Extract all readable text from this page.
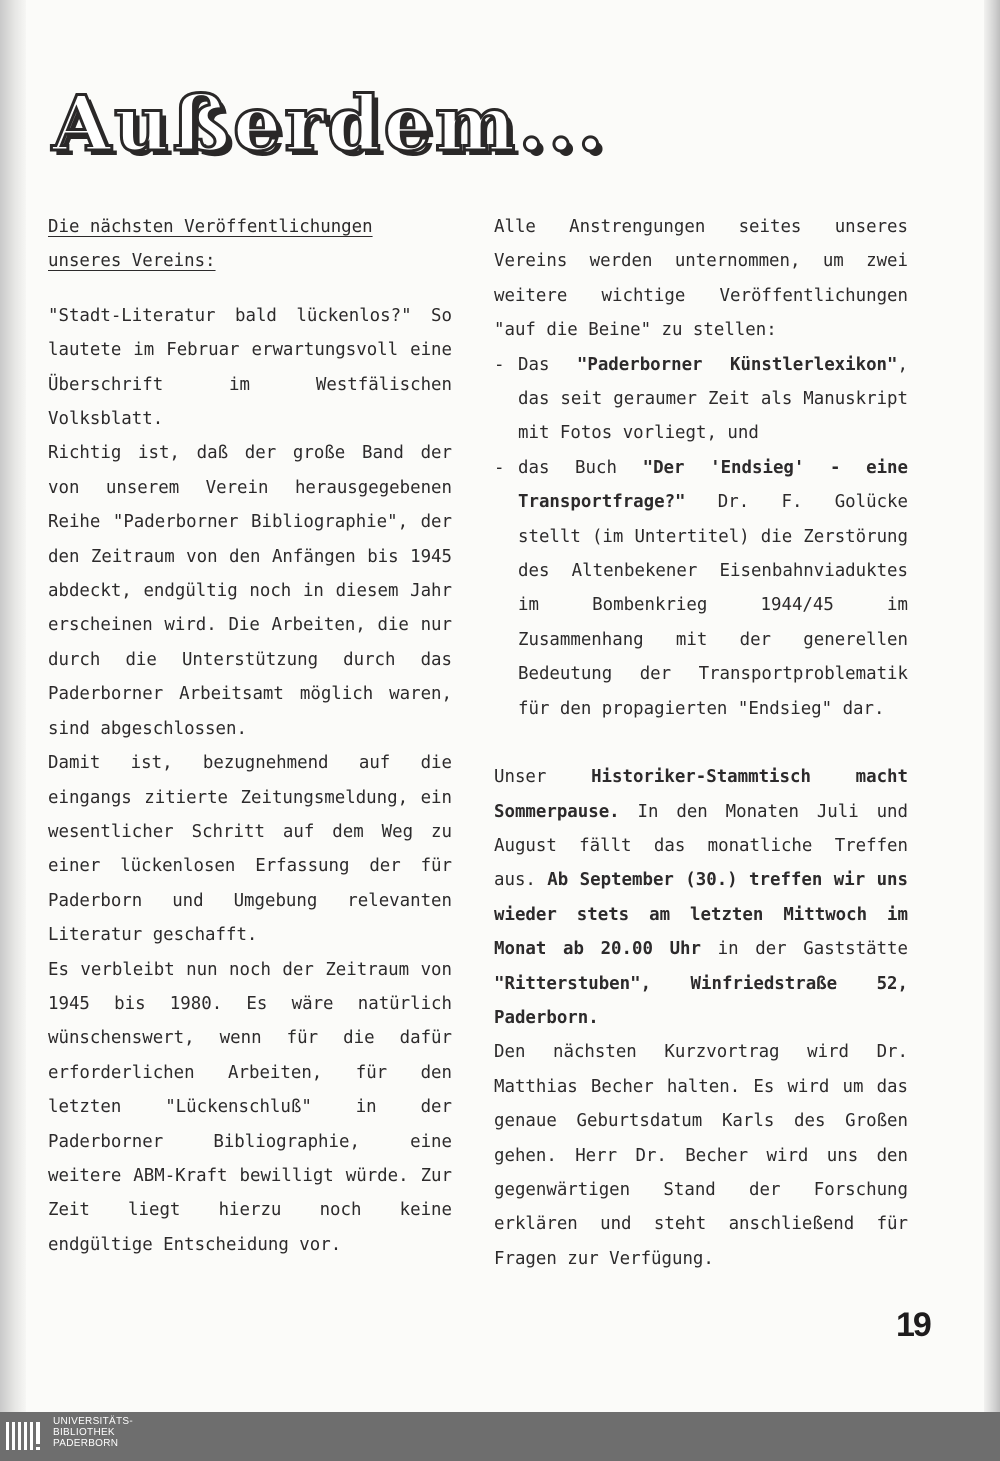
Außerdem...

Die nächsten Veröffentlichungen
unseres Vereins:

"Stadt-Literatur bald lückenlos?" So lautete im Februar erwartungsvoll eine Überschrift im Westfälischen Volksblatt.

Richtig ist, daß der große Band der von unserem Verein herausgegebenen Reihe "Paderborner Bibliographie", der den Zeitraum von den Anfängen bis 1945 abdeckt, endgültig noch in diesem Jahr erscheinen wird. Die Arbeiten, die nur durch die Unterstützung durch das Paderborner Arbeitsamt möglich waren, sind abgeschlossen.

Damit ist, bezugnehmend auf die eingangs zitierte Zeitungsmeldung, ein wesentlicher Schritt auf dem Weg zu einer lückenlosen Erfassung der für Paderborn und Umgebung relevanten Literatur geschafft.

Es verbleibt nun noch der Zeitraum von 1945 bis 1980. Es wäre natürlich wünschenswert, wenn für die dafür erforderlichen Arbeiten, für den letzten "Lückenschluß" in der Paderborner Bibliographie, eine weitere ABM-Kraft bewilligt würde. Zur Zeit liegt hierzu noch keine endgültige Entscheidung vor.

Alle Anstrengungen seites unseres Vereins werden unternommen, um zwei weitere wichtige Veröffentlichungen "auf die Beine" zu stellen:

- Das "Paderborner Künstlerlexikon", das seit geraumer Zeit als Manuskript mit Fotos vorliegt, und

- das Buch "Der 'Endsieg' - eine Transportfrage?" Dr. F. Golücke stellt (im Untertitel) die Zerstörung des Altenbekener Eisenbahnviaduktes im Bombenkrieg 1944/45 im Zusammenhang mit der generellen Bedeutung der Transportproblematik für den propagierten "Endsieg" dar.

Unser Historiker-Stammtisch macht Sommerpause. In den Monaten Juli und August fällt das monatliche Treffen aus. Ab September (30.) treffen wir uns wieder stets am letzten Mittwoch im Monat ab 20.00 Uhr in der Gaststätte "Ritterstuben", Winfriedstraße 52, Paderborn.

Den nächsten Kurzvortrag wird Dr. Matthias Becher halten. Es wird um das genaue Geburtsdatum Karls des Großen gehen. Herr Dr. Becher wird uns den gegenwärtigen Stand der Forschung erklären und steht anschließend für Fragen zur Verfügung.

19
UNIVERSITÄTS-
BIBLIOTHEK
PADERBORN
